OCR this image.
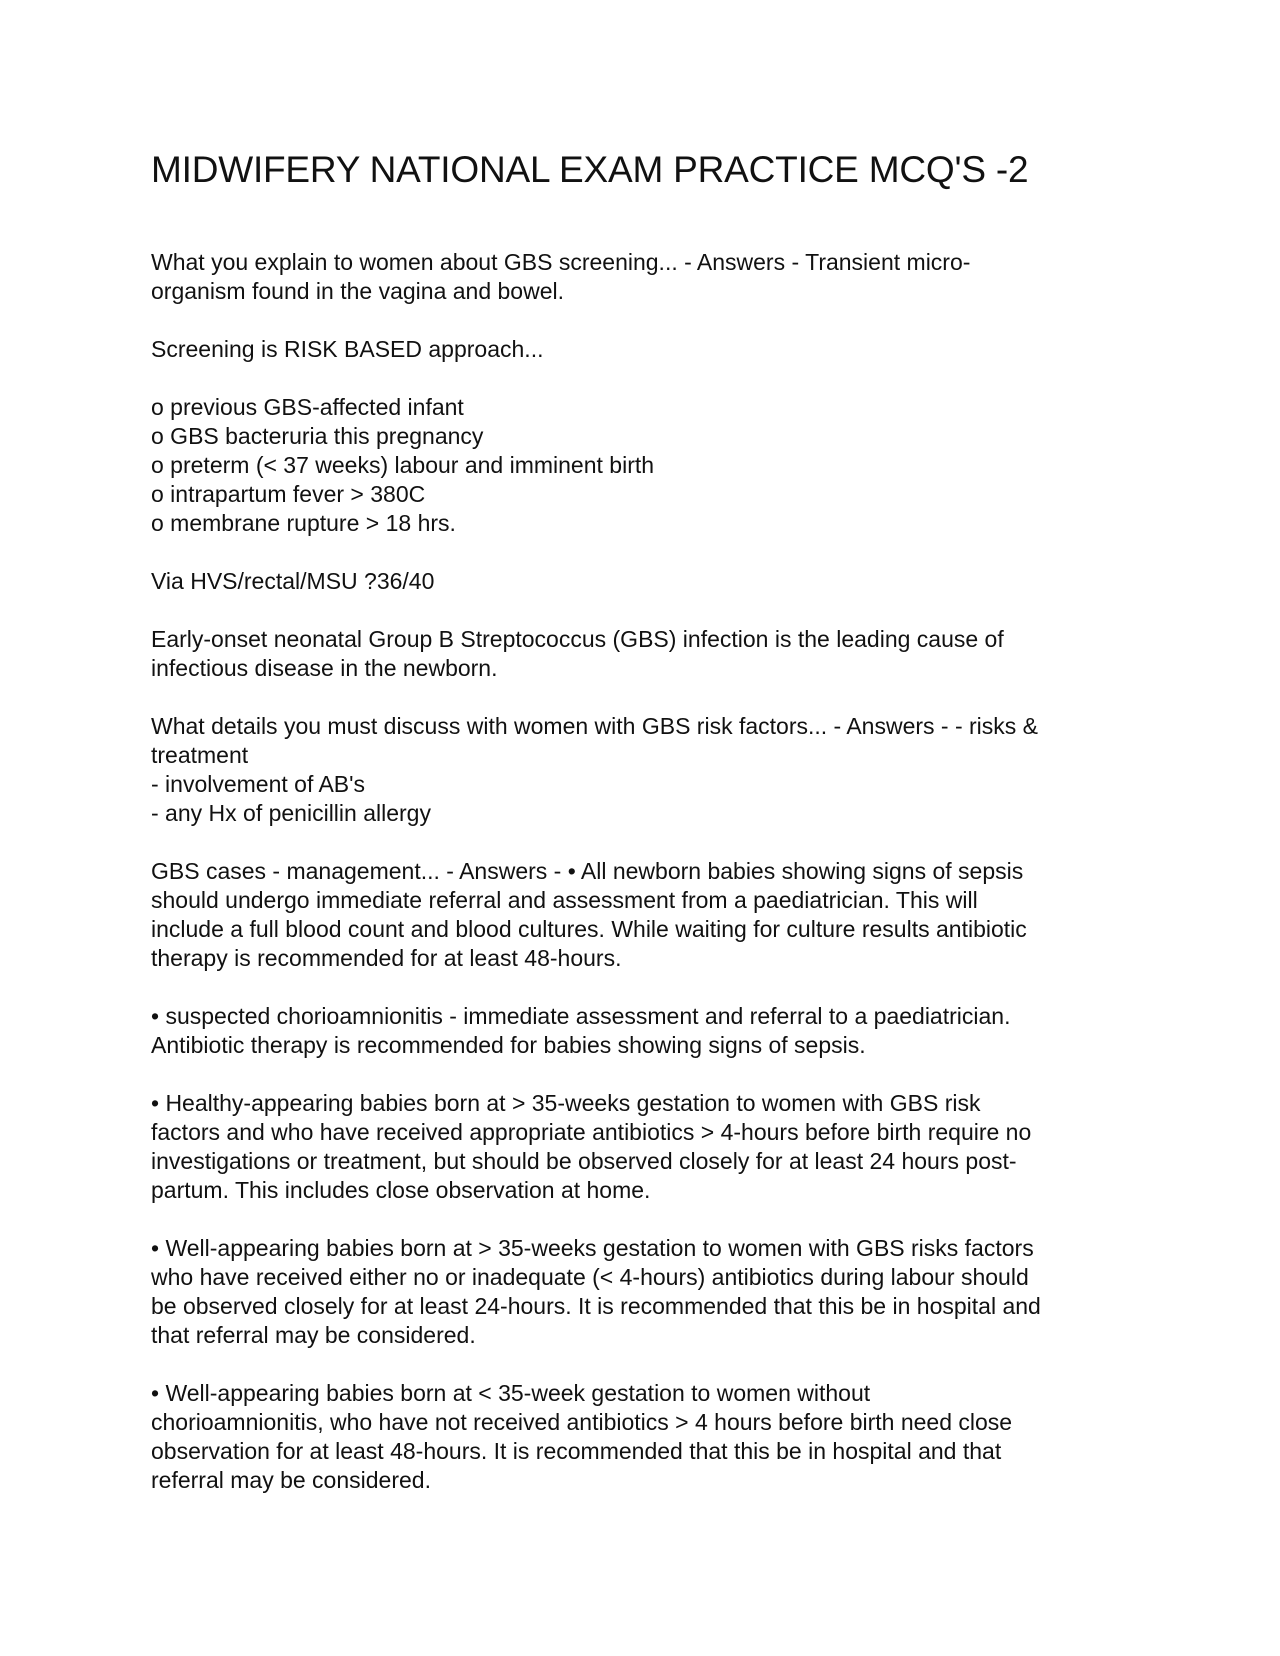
MIDWIFERY NATIONAL EXAM PRACTICE MCQ'S -2

What you explain to women about GBS screening... - Answers - Transient micro-
organism found in the vagina and bowel.

Screening is RISK BASED approach...

o previous GBS-affected infant
o GBS bacteruria this pregnancy
o preterm (< 37 weeks) labour and imminent birth
o intrapartum fever > 380C
o membrane rupture > 18 hrs.

Via HVS/rectal/MSU ?36/40

Early-onset neonatal Group B Streptococcus (GBS) infection is the leading cause of
infectious disease in the newborn.

What details you must discuss with women with GBS risk factors... - Answers - - risks &
treatment
- involvement of AB's
- any Hx of penicillin allergy

GBS cases - management... - Answers - • All newborn babies showing signs of sepsis
should undergo immediate referral and assessment from a paediatrician. This will
include a full blood count and blood cultures. While waiting for culture results antibiotic
therapy is recommended for at least 48-hours.

• suspected chorioamnionitis - immediate assessment and referral to a paediatrician.
Antibiotic therapy is recommended for babies showing signs of sepsis.

• Healthy-appearing babies born at > 35-weeks gestation to women with GBS risk
factors and who have received appropriate antibiotics > 4-hours before birth require no
investigations or treatment, but should be observed closely for at least 24 hours post-
partum. This includes close observation at home.

• Well-appearing babies born at > 35-weeks gestation to women with GBS risks factors
who have received either no or inadequate (< 4-hours) antibiotics during labour should
be observed closely for at least 24-hours. It is recommended that this be in hospital and
that referral may be considered.

• Well-appearing babies born at < 35-week gestation to women without
chorioamnionitis, who have not received antibiotics > 4 hours before birth need close
observation for at least 48-hours. It is recommended that this be in hospital and that
referral may be considered.
